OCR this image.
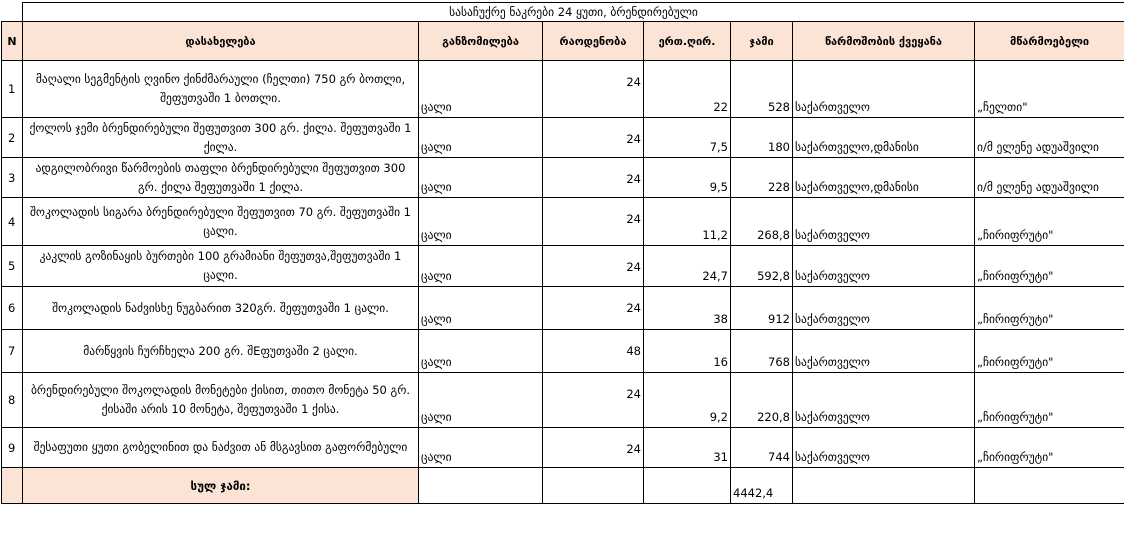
	სასაჩუქრე ნაკრები 24 ყუთი, ბრენდირებული						
N	დასახელება	განზომილება	რაოდენობა	ერთ.ღირ.	ჯამი	წარმოშობის ქვეყანა	მწარმოებელი
1	მაღალი სეგმენტის ღვინო ქინძმარაული (ჩელთი) 750 გრ ბოთლი, შეფუთვაში 1 ბოთლი.	ცალი	24	22	528	საქართველო	„ჩელთი"
2	ქოლოს ჯემი ბრენდირებული შეფუთვით 300 გრ. ქილა. შეფუთვაში 1 ქილა.	ცალი	24	7,5	180	საქართველო,დმანისი	ი/მ ელენე ადუაშვილი
3	ადგილობრივი წარმოების თაფლი ბრენდირებული შეფუთვით 300 გრ. ქილა შეფუთვაში 1 ქილა.	ცალი	24	9,5	228	საქართველო,დმანისი	ი/მ ელენე ადუაშვილი
4	შოკოლადის სიგარა ბრენდირებული შეფუთვით 70 გრ. შეფუთვაში 1 ცალი.	ცალი	24	11,2	268,8	საქართველო	„ჩირიფრუტი"
5	კაკლის გოზინაყის ბურთები 100 გრამიანი შეფუთვა,შეფუთვაში 1 ცალი.	ცალი	24	24,7	592,8	საქართველო	„ჩირიფრუტი"
6	შოკოლადის ნაძვისხე ნუგბარით 320გრ. შეფუთვაში 1 ცალი.	ცალი	24	38	912	საქართველო	„ჩირიფრუტი"
7	მარწყვის ჩურჩხელა 200 გრ. შEფუთვაში 2 ცალი.	ცალი	48	16	768	საქართველო	„ჩირიფრუტი"
8	ბრენდირებული შოკოლადის მონეტები ქისით, თითო მონეტა 50 გრ. ქისაში არის 10 მონეტა, შეფუთვაში 1 ქისა.	ცალი	24	9,2	220,8	საქართველო	„ჩირიფრუტი"
9	შესაფუთი ყუთი გობელინით და ნაძვით ან მსგავსით გაფორმებული	ცალი	24	31	744	საქართველო	„ჩირიფრუტი"
	სულ ჯამი:				4442,4		
